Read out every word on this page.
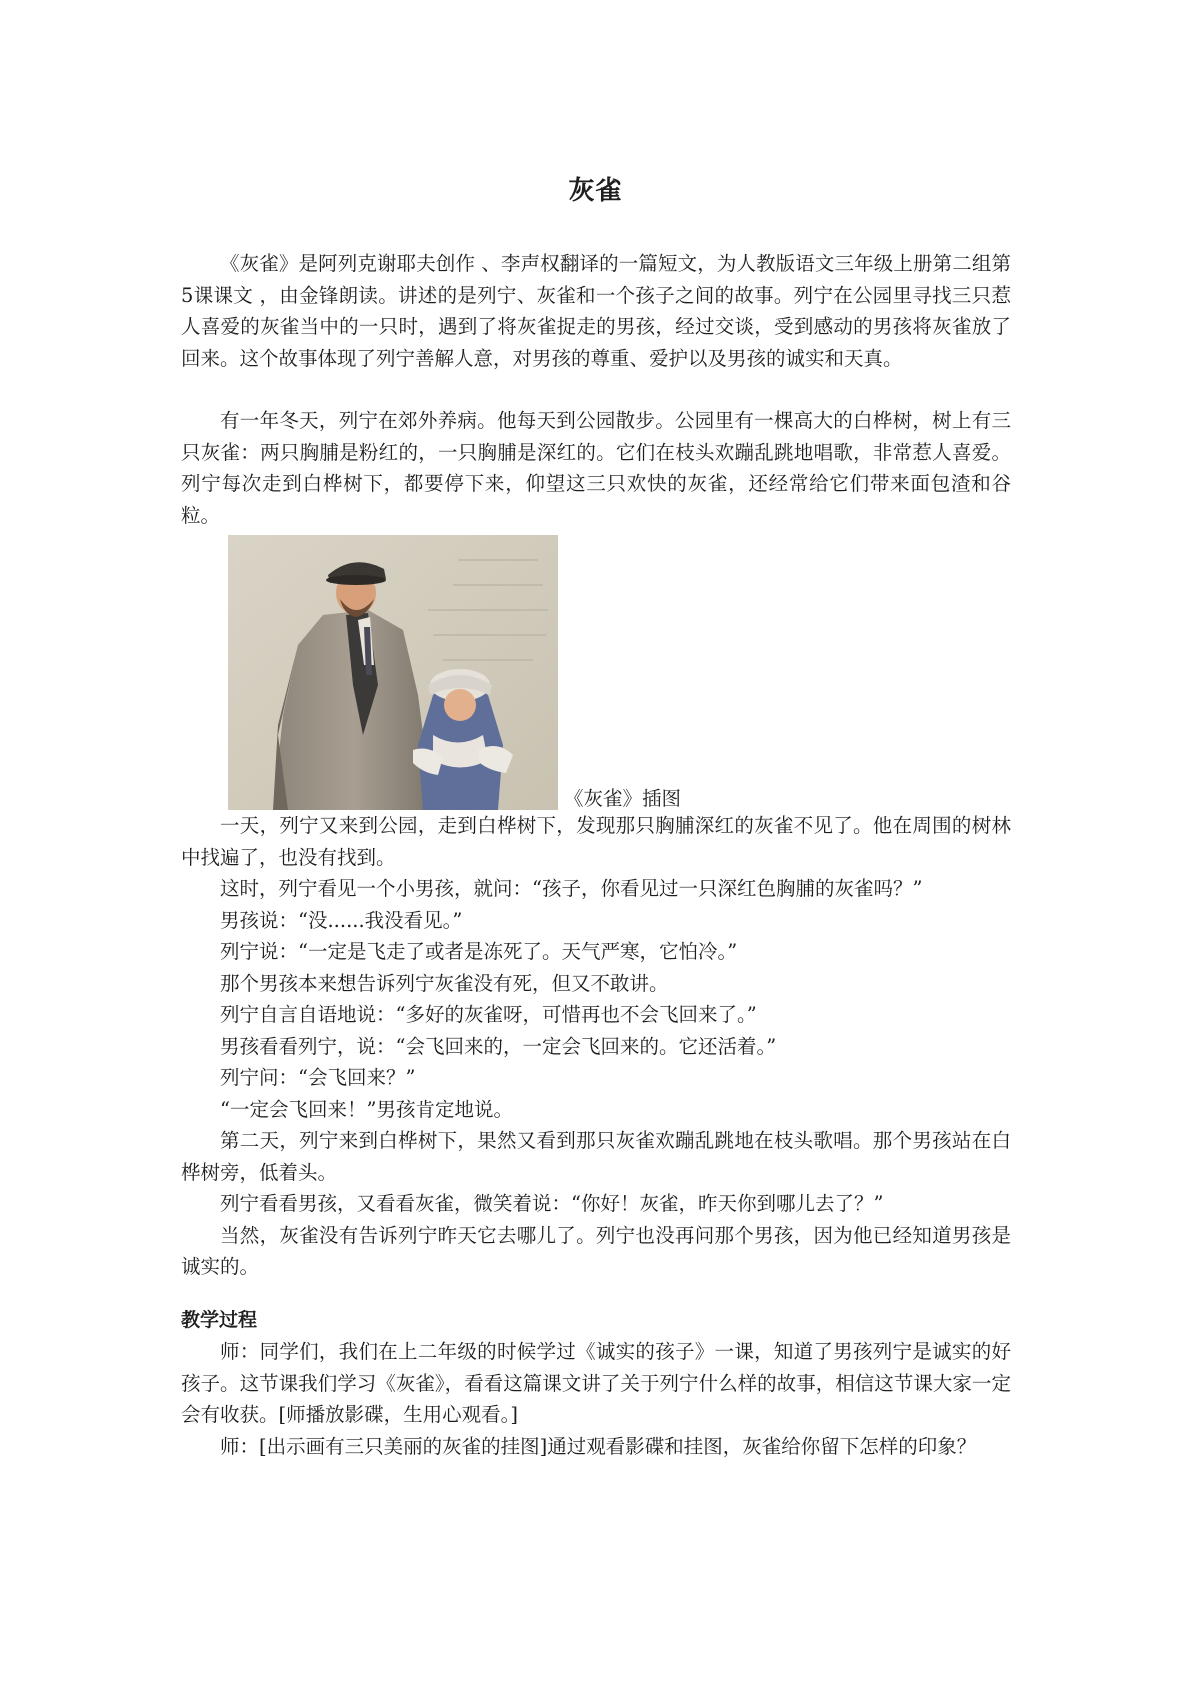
灰雀

《灰雀》是阿列克谢耶夫创作 、李声权翻译的一篇短文，为人教版语文三年级上册第二组第5课课文 ，由金锋朗读。讲述的是列宁、灰雀和一个孩子之间的故事。列宁在公园里寻找三只惹人喜爱的灰雀当中的一只时，遇到了将灰雀捉走的男孩，经过交谈，受到感动的男孩将灰雀放了回来。这个故事体现了列宁善解人意，对男孩的尊重、爱护以及男孩的诚实和天真。

有一年冬天，列宁在郊外养病。他每天到公园散步。公园里有一棵高大的白桦树，树上有三只灰雀：两只胸脯是粉红的，一只胸脯是深红的。它们在枝头欢蹦乱跳地唱歌，非常惹人喜爱。列宁每次走到白桦树下，都要停下来，仰望这三只欢快的灰雀，还经常给它们带来面包渣和谷粒。

《灰雀》插图

一天，列宁又来到公园，走到白桦树下，发现那只胸脯深红的灰雀不见了。他在周围的树林中找遍了，也没有找到。

这时，列宁看见一个小男孩，就问：“孩子，你看见过一只深红色胸脯的灰雀吗？”

男孩说：“没......我没看见。”

列宁说：“一定是飞走了或者是冻死了。天气严寒，它怕冷。”

那个男孩本来想告诉列宁灰雀没有死，但又不敢讲。

列宁自言自语地说：“多好的灰雀呀，可惜再也不会飞回来了。”

男孩看看列宁，说：“会飞回来的，一定会飞回来的。它还活着。”

列宁问：“会飞回来？”

“一定会飞回来！”男孩肯定地说。

第二天，列宁来到白桦树下，果然又看到那只灰雀欢蹦乱跳地在枝头歌唱。那个男孩站在白桦树旁，低着头。

列宁看看男孩，又看看灰雀，微笑着说：“你好！灰雀，昨天你到哪儿去了？”

当然，灰雀没有告诉列宁昨天它去哪儿了。列宁也没再问那个男孩，因为他已经知道男孩是诚实的。

教学过程

师：同学们，我们在上二年级的时候学过《诚实的孩子》一课，知道了男孩列宁是诚实的好孩子。这节课我们学习《灰雀》，看看这篇课文讲了关于列宁什么样的故事，相信这节课大家一定会有收获。[师播放影碟，生用心观看。]

师：[出示画有三只美丽的灰雀的挂图]通过观看影碟和挂图，灰雀给你留下怎样的印象？
